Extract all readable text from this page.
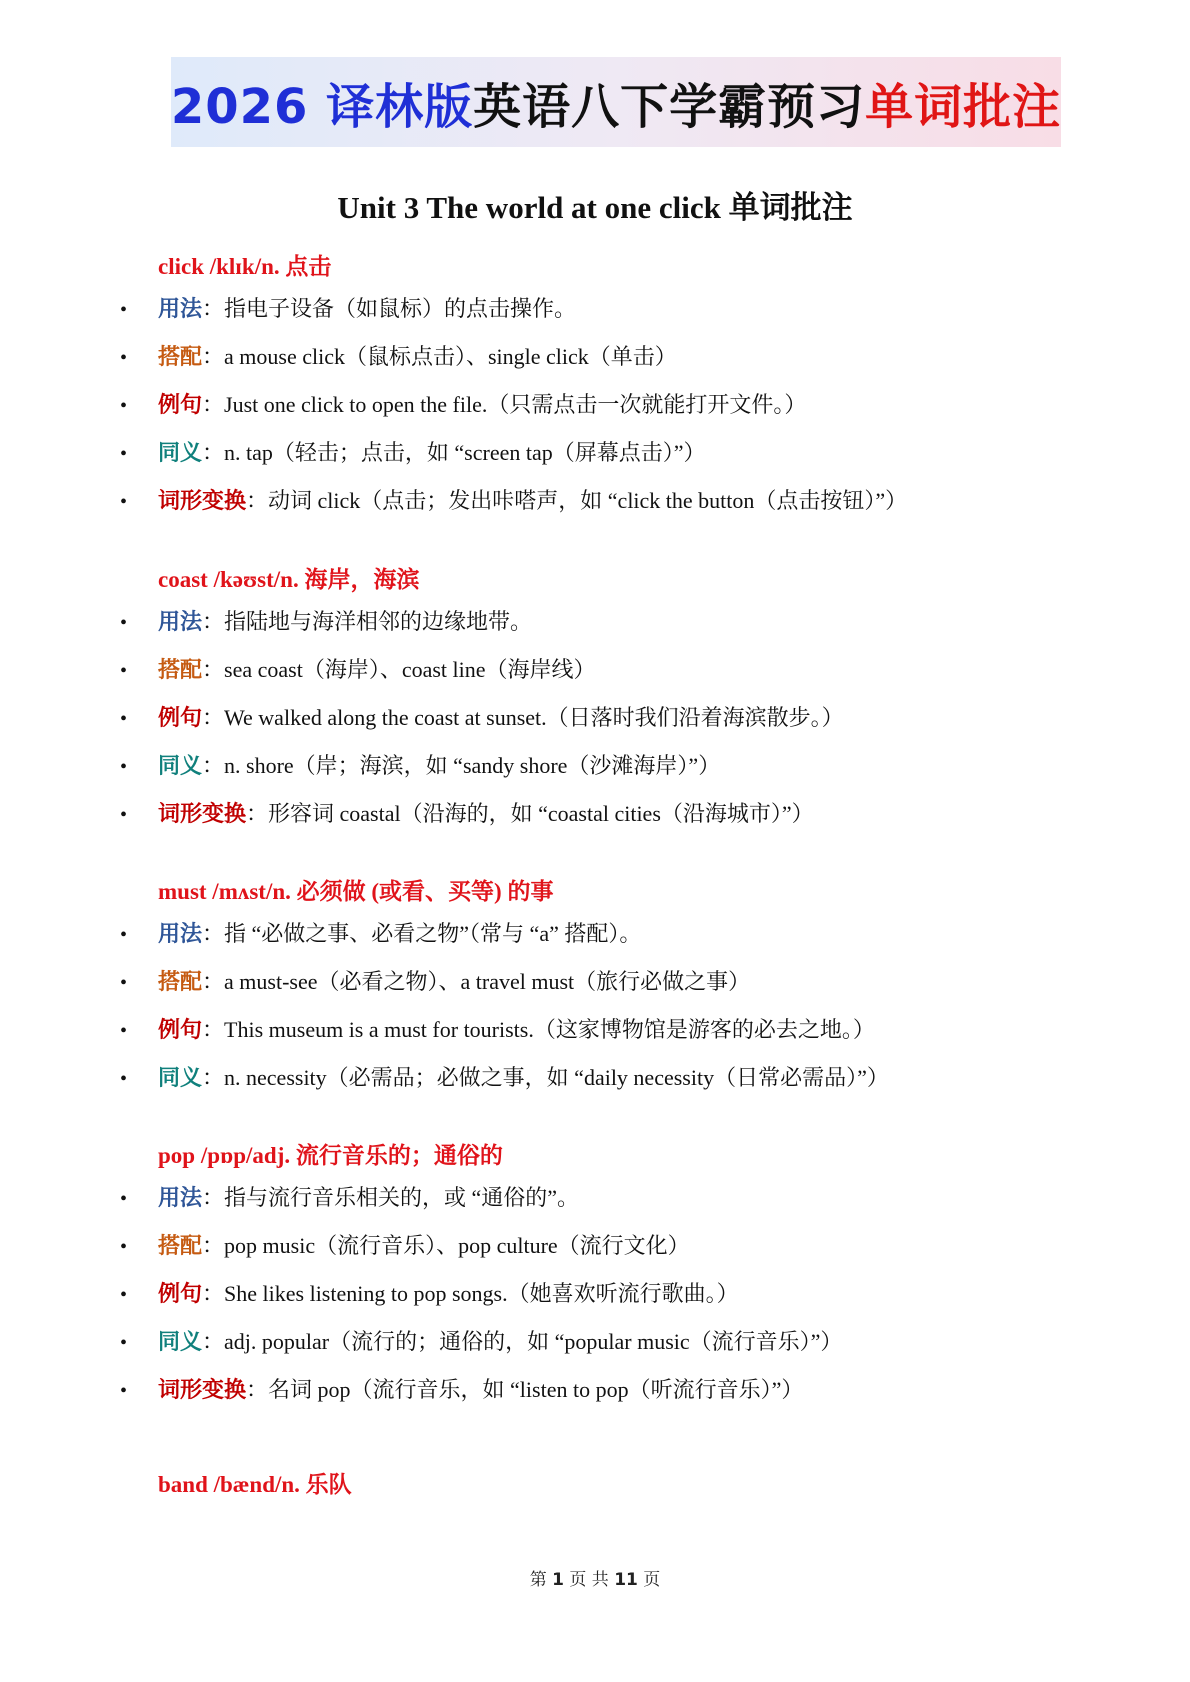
2026 译林版 英语八下学霸预习 单词批注
Unit 3 The world at one click 单词批注
click /klɪk/n. 点击
• 用法：指电子设备（如鼠标）的点击操作。
• 搭配：a mouse click（鼠标点击）、single click（单击）
• 例句：Just one click to open the file.（只需点击一次就能打开文件。）
• 同义：n. tap（轻击；点击，如 “screen tap（屏幕点击）”）
• 词形变换：动词 click（点击；发出咔嗒声，如 “click the button（点击按钮）”）
coast /kəʊst/n. 海岸，海滨
• 用法：指陆地与海洋相邻的边缘地带。
• 搭配：sea coast（海岸）、coast line（海岸线）
• 例句：We walked along the coast at sunset.（日落时我们沿着海滨散步。）
• 同义：n. shore（岸；海滨，如 “sandy shore（沙滩海岸）”）
• 词形变换：形容词 coastal（沿海的，如 “coastal cities（沿海城市）”）
must /mʌst/n. 必须做 (或看、买等) 的事
• 用法：指 “必做之事、必看之物”（常与 “a” 搭配）。
• 搭配：a must-see（必看之物）、a travel must（旅行必做之事）
• 例句：This museum is a must for tourists.（这家博物馆是游客的必去之地。）
• 同义：n. necessity（必需品；必做之事，如 “daily necessity（日常必需品）”）
pop /pɒp/adj. 流行音乐的；通俗的
• 用法：指与流行音乐相关的，或 “通俗的”。
• 搭配：pop music（流行音乐）、pop culture（流行文化）
• 例句：She likes listening to pop songs.（她喜欢听流行歌曲。）
• 同义：adj. popular（流行的；通俗的，如 “popular music（流行音乐）”）
• 词形变换：名词 pop（流行音乐，如 “listen to pop（听流行音乐）”）
band /bænd/n. 乐队
第 1 页 共 11 页
